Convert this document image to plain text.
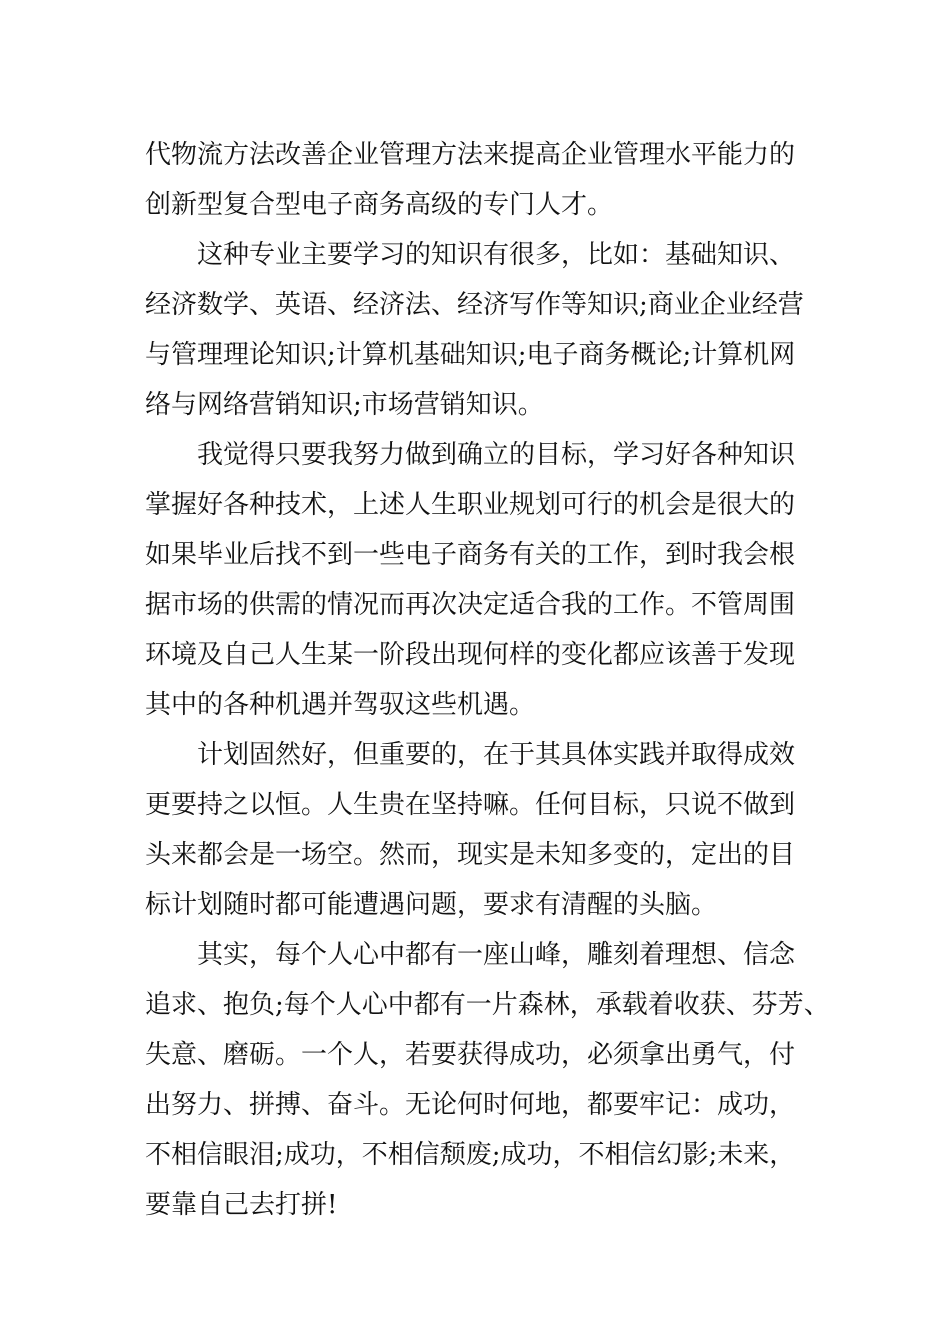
代物流方法改善企业管理方法来提高企业管理水平能力的
创新型复合型电子商务高级的专门人才。
这种专业主要学习的知识有很多，比如：基础知识、
经济数学、英语、经济法、经济写作等知识;商业企业经营
与管理理论知识;计算机基础知识;电子商务概论;计算机网
络与网络营销知识;市场营销知识。
我觉得只要我努力做到确立的目标，学习好各种知识
掌握好各种技术，上述人生职业规划可行的机会是很大的
如果毕业后找不到一些电子商务有关的工作，到时我会根
据市场的供需的情况而再次决定适合我的工作。不管周围
环境及自己人生某一阶段出现何样的变化都应该善于发现
其中的各种机遇并驾驭这些机遇。
计划固然好，但重要的，在于其具体实践并取得成效
更要持之以恒。人生贵在坚持嘛。任何目标，只说不做到
头来都会是一场空。然而，现实是未知多变的，定出的目
标计划随时都可能遭遇问题，要求有清醒的头脑。
其实，每个人心中都有一座山峰，雕刻着理想、信念
追求、抱负;每个人心中都有一片森林，承载着收获、芬芳、
失意、磨砺。一个人，若要获得成功，必须拿出勇气，付
出努力、拼搏、奋斗。无论何时何地，都要牢记：成功，
不相信眼泪;成功，不相信颓废;成功，不相信幻影;未来，
要靠自己去打拼!
